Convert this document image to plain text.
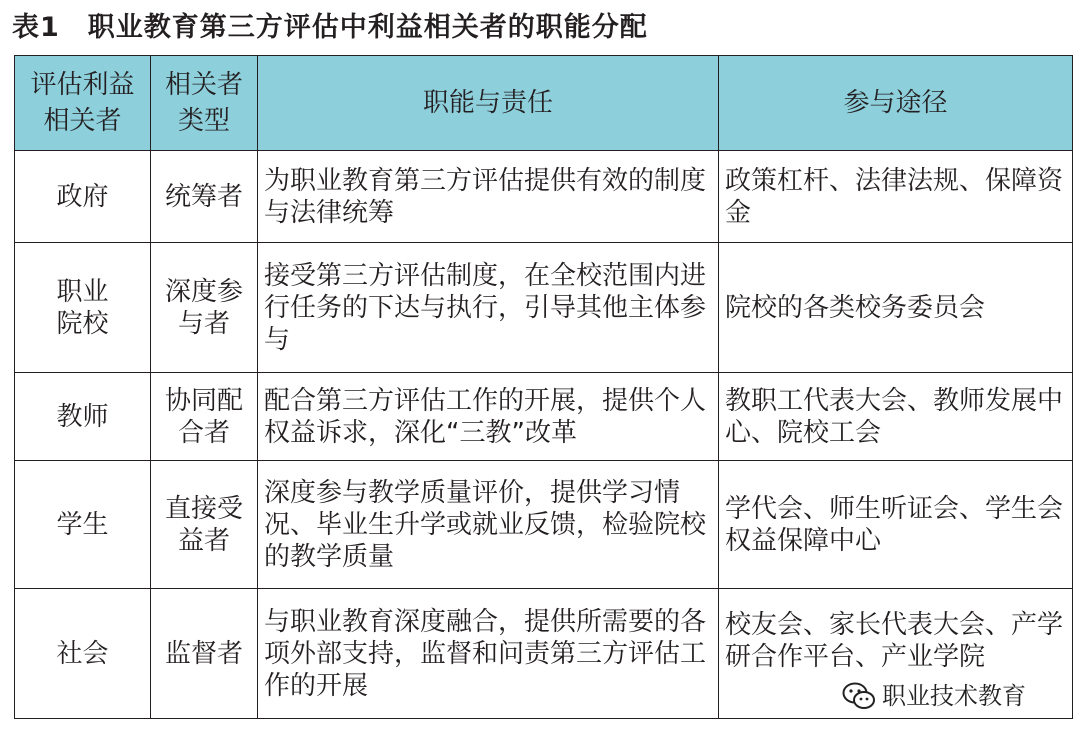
表1 职业教育第三方评估中利益相关者的职能分配
评估利益相关者	相关者类型	职能与责任	参与途径
政府	统筹者	为职业教育第三方评估提供有效的制度与法律统筹	政策杠杆、法律法规、保障资金

职业院校	深度参与者	接受第三方评估制度，在全校范围内进行任务的下达与执行，引导其他主体参与	院校的各类校务委员会
教师	协同配合者	配合第三方评估工作的开展，提供个人权益诉求，深化“三教”改革	教职工代表大会、教师发展中心、院校工会
学生	直接受益者	深度参与教学质量评价，提供学习情况、毕业生升学或就业反馈，检验院校的教学质量	学代会、师生听证会、学生会权益保障中心
社会	监督者	与职业教育深度融合，提供所需要的各项外部支持，监督和问责第三方评估工作的开展	校友会、家长代表大会、产学研合作平台、产业学院
职业技术教育
